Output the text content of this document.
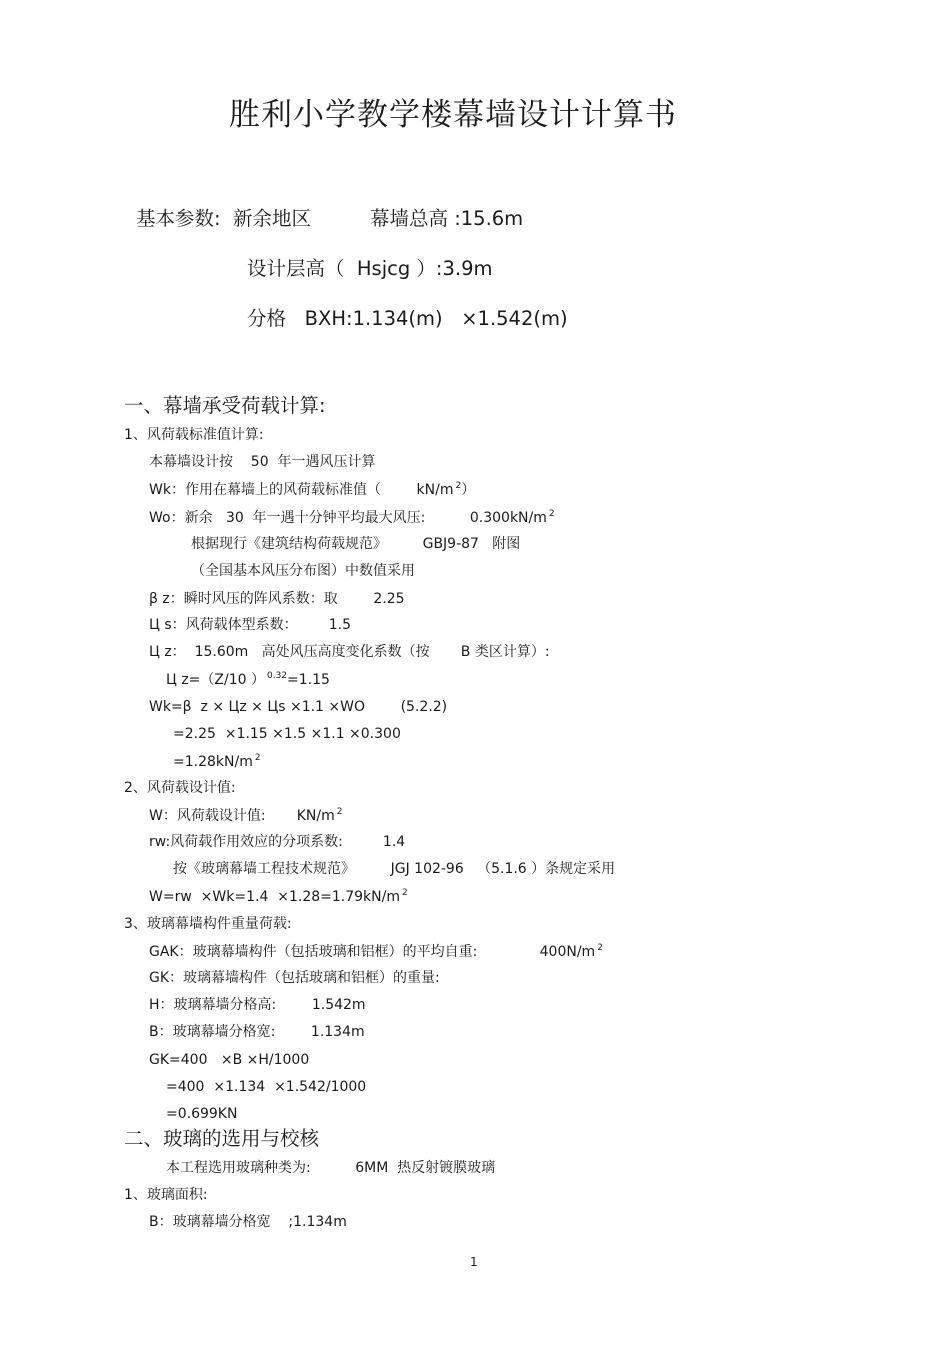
胜利小学教学楼幕墙设计计算书
基本参数:  新余地区	幕墙总高 :15.6m
设计层高（  Hsjcg ）:3.9m
分格   BXH:1.134(m)   ×1.542(m)
一、幕墙承受荷载计算:
1、风荷载标准值计算:
本幕墙设计按    50  年一遇风压计算
Wk：作用在幕墙上的风荷载标准值（        kN/m $^2$）
Wo：新余   30  年一遇十分钟平均最大风压:          0.300kN/m $^2$
根据现行《建筑结构荷载规范》        GBJ9-87   附图
（全国基本风压分布图）中数值采用
β z：瞬时风压的阵风系数：取        2.25
Ц s：风荷载体型系数：       1.5
Ц z：  15.60m   高处风压高度变化系数（按       B 类区计算）:
Ц z=（Z/10 ） $^{0.32}$=1.15
Wk=β  z × Цz × Цs ×1.1 ×WO        (5.2.2)
=2.25  ×1.15 ×1.5 ×1.1 ×0.300
=1.28kN/m $^2$
2、风荷载设计值:
W：风荷载设计值:       KN/m $^2$
rw:风荷载作用效应的分项系数:         1.4
按《玻璃幕墙工程技术规范》        JGJ 102-96   （5.1.6 ）条规定采用
W=rw  ×Wk=1.4  ×1.28=1.79kN/m $^2$
3、玻璃幕墙构件重量荷载:
GAK：玻璃幕墙构件（包括玻璃和铝框）的平均自重:              400N/m $^2$
GK：玻璃幕墙构件（包括玻璃和铝框）的重量:
H：玻璃幕墙分格高:        1.542m
B：玻璃幕墙分格宽:        1.134m
GK=400   ×B ×H/1000
=400  ×1.134  ×1.542/1000
=0.699KN
二、玻璃的选用与校核
本工程选用玻璃种类为:          6MM  热反射镀膜玻璃
1、玻璃面积:
B：玻璃幕墙分格宽    ;1.134m
1
